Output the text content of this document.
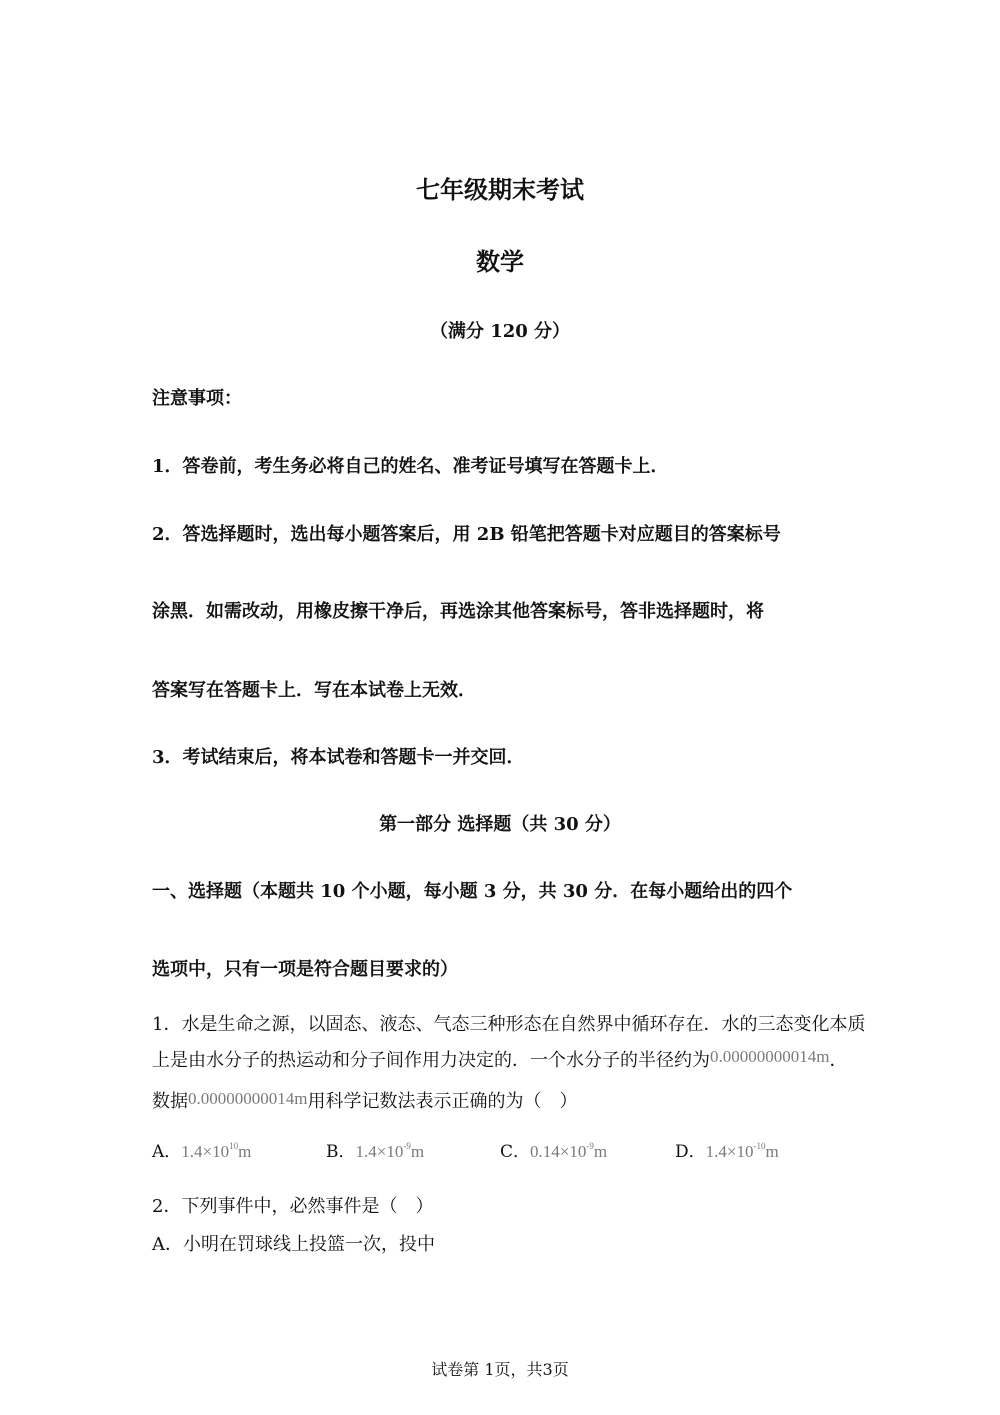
七年级期末考试
数学
（满分 120 分）
注意事项：
1．答卷前，考生务必将自己的姓名、准考证号填写在答题卡上．
2．答选择题时，选出每小题答案后，用 2B 铅笔把答题卡对应题目的答案标号
涂黑．如需改动，用橡皮擦干净后，再选涂其他答案标号，答非选择题时，将
答案写在答题卡上．写在本试卷上无效．
3．考试结束后，将本试卷和答题卡一并交回．
第一部分 选择题（共 30 分）
一、选择题（本题共 10 个小题，每小题 3 分，共 30 分．在每小题给出的四个
选项中，只有一项是符合题目要求的）
1．水是生命之源，以固态、液态、气态三种形态在自然界中循环存在．水的三态变化本质
上是由水分子的热运动和分子间作用力决定的．一个水分子的半径约为0.00000000014m．
数据0.00000000014m用科学记数法表示正确的为（　）
A．$1.4\times 10^{10}m$	B．$1.4\times 10^{-9}m$	C．$0.14\times 10^{-9}m$	D．$1.4\times 10^{-10}m$
2．下列事件中，必然事件是（　）
A．小明在罚球线上投篮一次，投中
试卷第 1页，共3页
